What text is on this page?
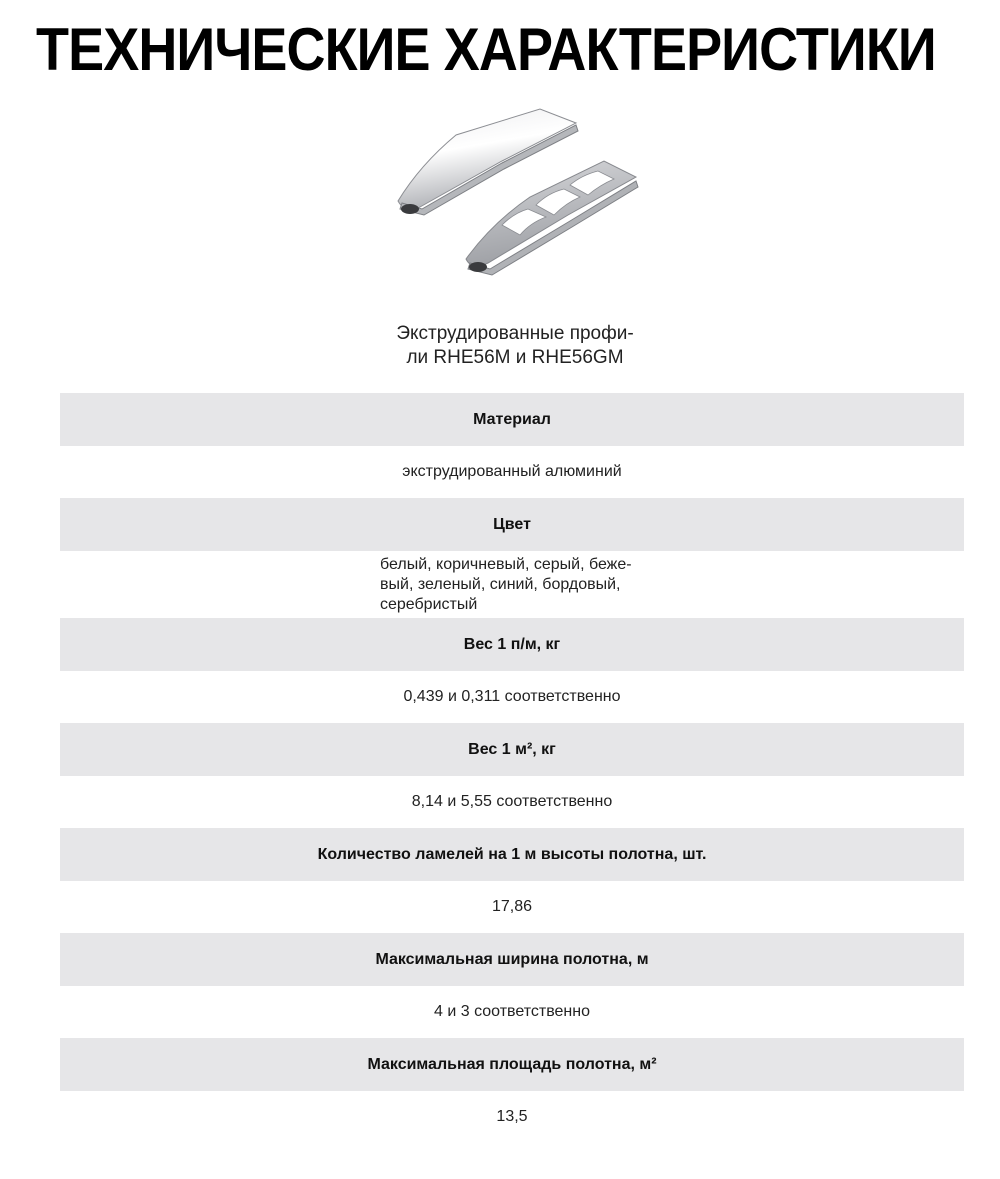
ТЕХНИЧЕСКИЕ ХАРАКТЕРИСТИКИ
Экструдированные профи-
ли RHE56M и RHE56GM
Материал
экструдированный алюминий
Цвет
белый, коричневый, серый, беже-
вый, зеленый, синий, бордовый,
серебристый
Вес 1 п/м, кг
0,439 и 0,311 соответственно
Вес 1 м², кг
8,14 и 5,55 соответственно
Количество ламелей на 1 м высоты полотна, шт.
17,86
Максимальная ширина полотна, м
4 и 3 соответственно
Максимальная площадь полотна, м²
13,5
